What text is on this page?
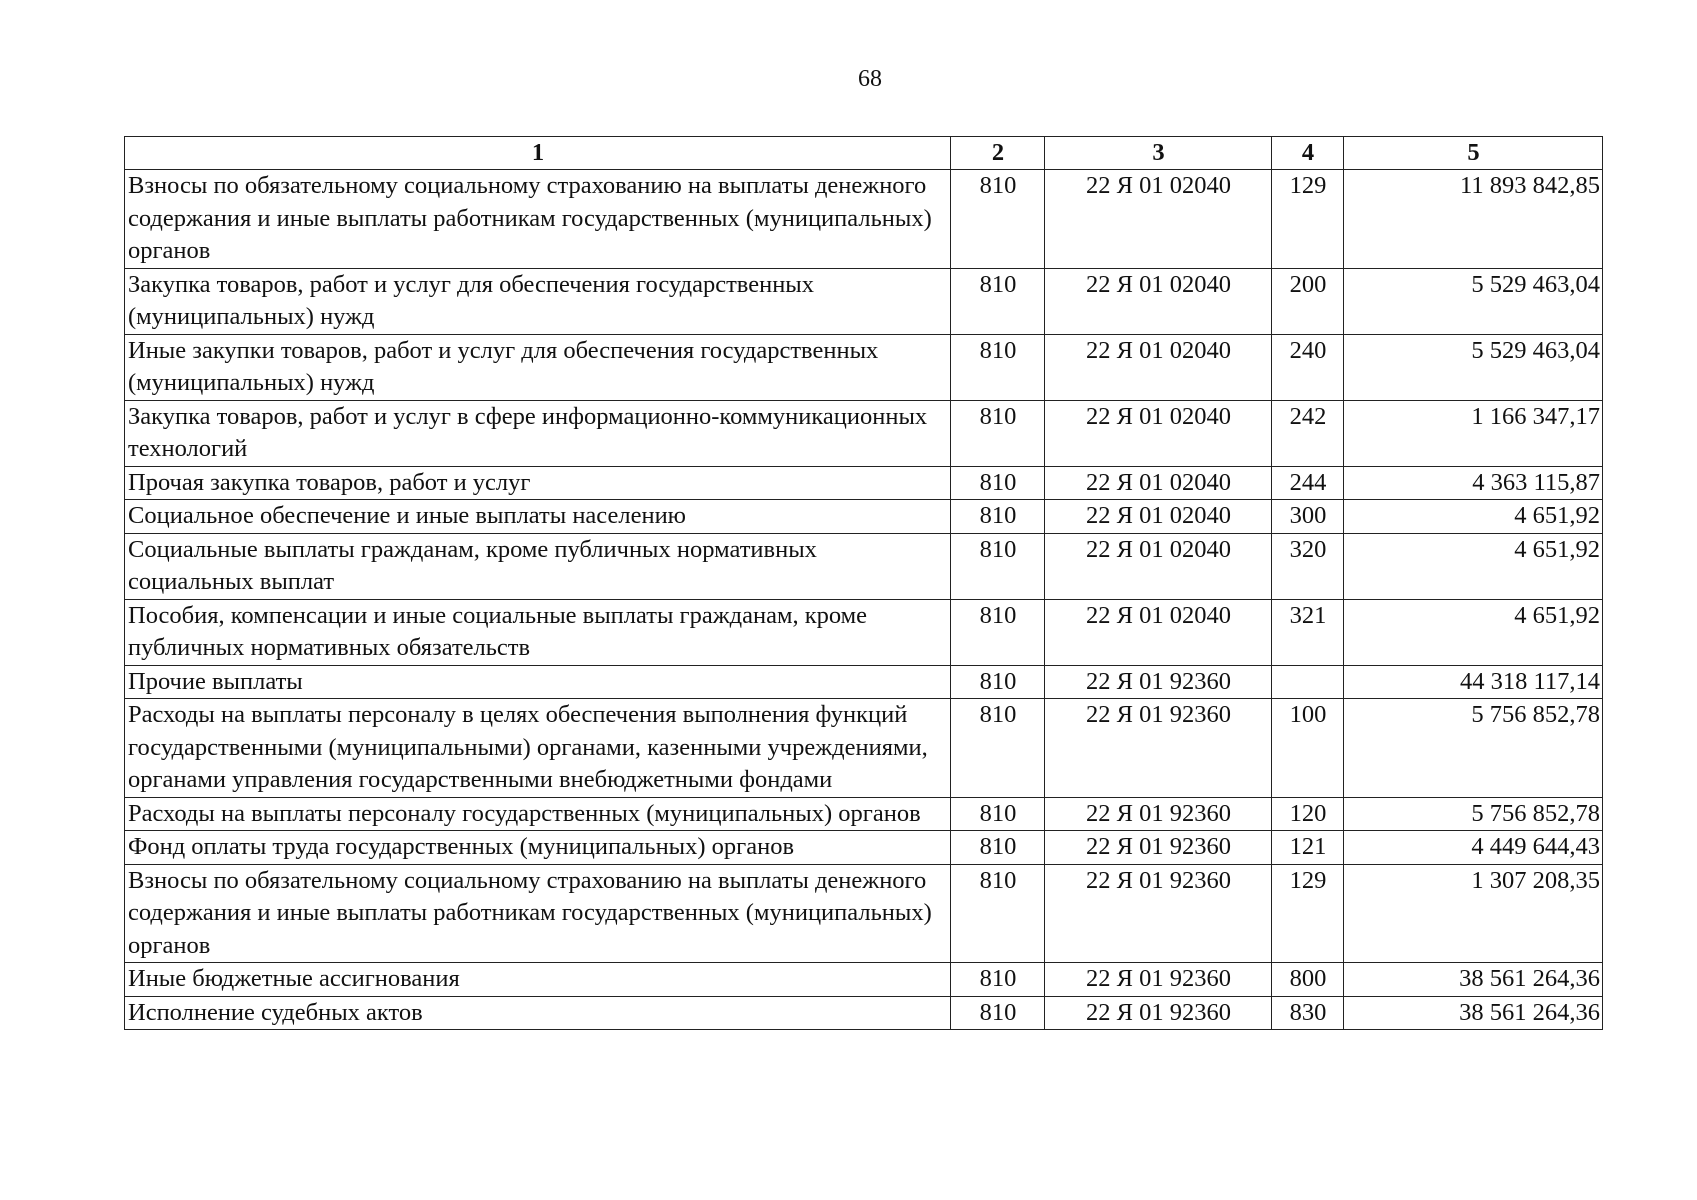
68
1	2	3	4	5
Взносы по обязательному социальному страхованию на выплаты денежного содержания и иные выплаты работникам государственных (муниципальных) органов	810	22 Я 01 02040	129	11 893 842,85
Закупка товаров, работ и услуг для обеспечения государственных (муниципальных) нужд	810	22 Я 01 02040	200	5 529 463,04
Иные закупки товаров, работ и услуг для обеспечения государственных (муниципальных) нужд	810	22 Я 01 02040	240	5 529 463,04
Закупка товаров, работ и услуг в сфере информационно-коммуникационных технологий	810	22 Я 01 02040	242	1 166 347,17
Прочая закупка товаров, работ и услуг	810	22 Я 01 02040	244	4 363 115,87
Социальное обеспечение и иные выплаты населению	810	22 Я 01 02040	300	4 651,92
Социальные выплаты гражданам, кроме публичных нормативных социальных выплат	810	22 Я 01 02040	320	4 651,92
Пособия, компенсации и иные социальные выплаты гражданам, кроме публичных нормативных обязательств	810	22 Я 01 02040	321	4 651,92
Прочие выплаты	810	22 Я 01 92360		44 318 117,14
Расходы на выплаты персоналу в целях обеспечения выполнения функций государственными (муниципальными) органами, казенными учреждениями, органами управления государственными внебюджетными фондами	810	22 Я 01 92360	100	5 756 852,78
Расходы на выплаты персоналу государственных (муниципальных) органов	810	22 Я 01 92360	120	5 756 852,78
Фонд оплаты труда государственных (муниципальных) органов	810	22 Я 01 92360	121	4 449 644,43
Взносы по обязательному социальному страхованию на выплаты денежного содержания и иные выплаты работникам государственных (муниципальных) органов	810	22 Я 01 92360	129	1 307 208,35
Иные бюджетные ассигнования	810	22 Я 01 92360	800	38 561 264,36
Исполнение судебных актов	810	22 Я 01 92360	830	38 561 264,36
